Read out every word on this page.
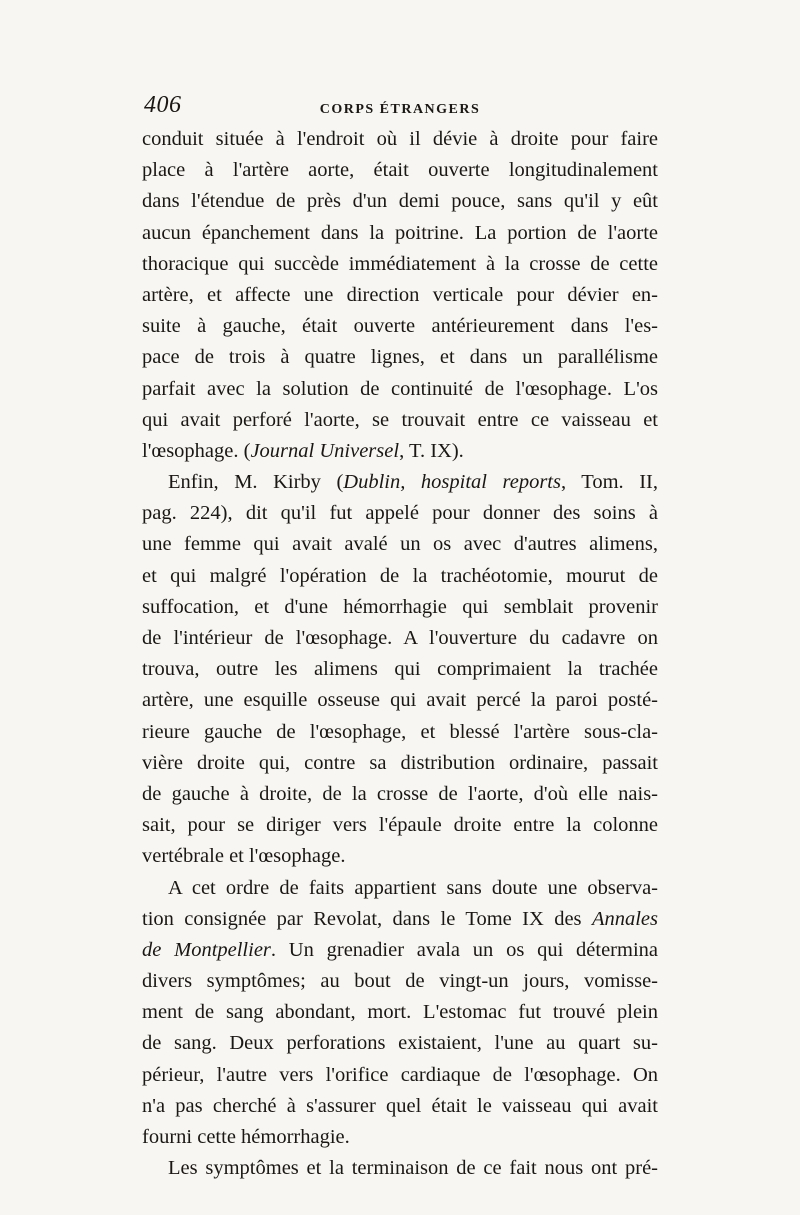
406	CORPS ÉTRANGERS
conduit située à l'endroit où il dévie à droite pour faire
place à l'artère aorte, était ouverte longitudinalement
dans l'étendue de près d'un demi pouce, sans qu'il y eût
aucun épanchement dans la poitrine. La portion de l'aorte
thoracique qui succède immédiatement à la crosse de cette
artère, et affecte une direction verticale pour dévier en-
suite à gauche, était ouverte antérieurement dans l'es-
pace de trois à quatre lignes, et dans un parallélisme
parfait avec la solution de continuité de l'œsophage. L'os
qui avait perforé l'aorte, se trouvait entre ce vaisseau et
l'œsophage. (Journal Universel, T. IX).
Enfin, M. Kirby (Dublin, hospital reports, Tom. II,
pag. 224), dit qu'il fut appelé pour donner des soins à
une femme qui avait avalé un os avec d'autres alimens,
et qui malgré l'opération de la trachéotomie, mourut de
suffocation, et d'une hémorrhagie qui semblait provenir
de l'intérieur de l'œsophage. A l'ouverture du cadavre on
trouva, outre les alimens qui comprimaient la trachée
artère, une esquille osseuse qui avait percé la paroi posté-
rieure gauche de l'œsophage, et blessé l'artère sous-cla-
vière droite qui, contre sa distribution ordinaire, passait
de gauche à droite, de la crosse de l'aorte, d'où elle nais-
sait, pour se diriger vers l'épaule droite entre la colonne
vertébrale et l'œsophage.
A cet ordre de faits appartient sans doute une observa-
tion consignée par Revolat, dans le Tome IX des Annales
de Montpellier. Un grenadier avala un os qui détermina
divers symptômes; au bout de vingt-un jours, vomisse-
ment de sang abondant, mort. L'estomac fut trouvé plein
de sang. Deux perforations existaient, l'une au quart su-
périeur, l'autre vers l'orifice cardiaque de l'œsophage. On
n'a pas cherché à s'assurer quel était le vaisseau qui avait
fourni cette hémorrhagie.
Les symptômes et la terminaison de ce fait nous ont pré-
